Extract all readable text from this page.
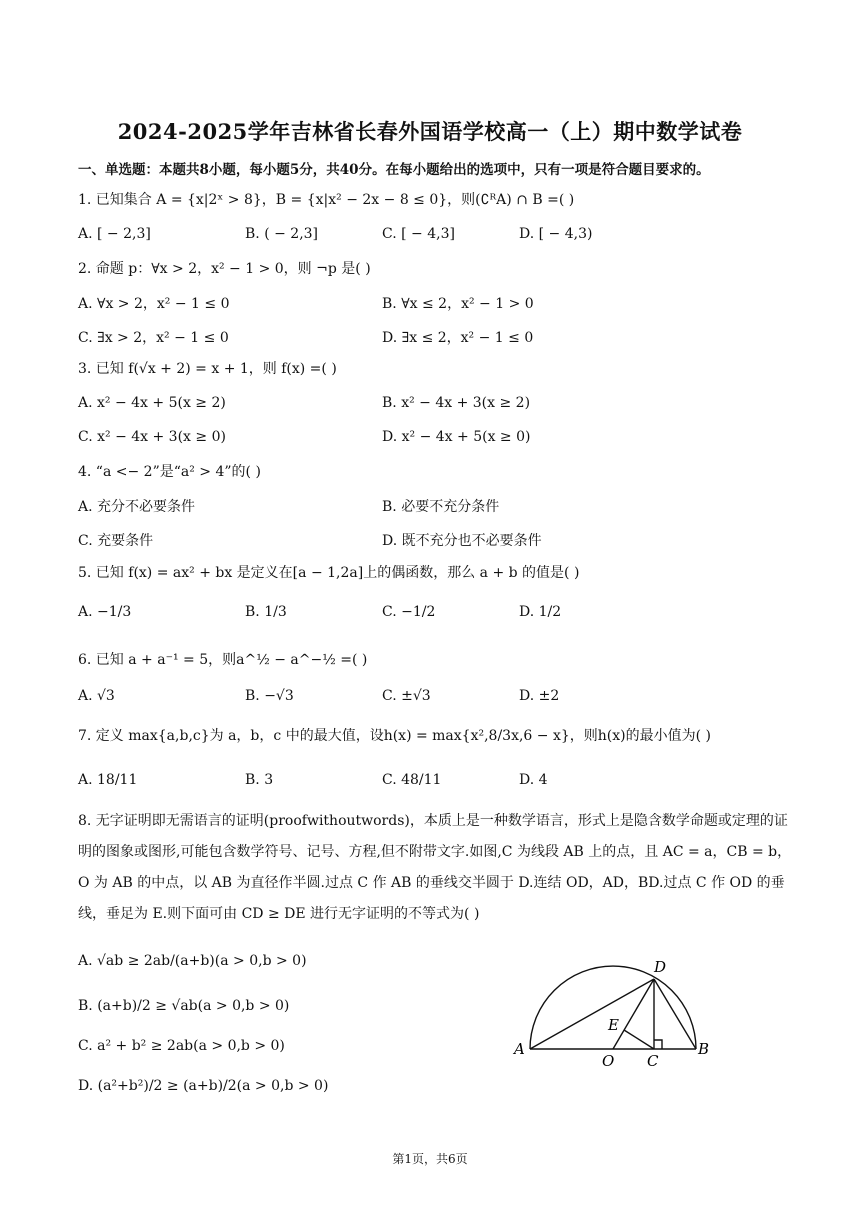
2024-2025学年吉林省长春外国语学校高一（上）期中数学试卷
一、单选题：本题共8小题，每小题5分，共40分。在每小题给出的选项中，只有一项是符合题目要求的。
1. 已知集合 A = {x|2ˣ > 8}，B = {x|x² − 2x − 8 ≤ 0}，则(∁ᴿA) ∩ B =( )
A. [ − 2,3]	B. ( − 2,3]	C. [ − 4,3]	D. [ − 4,3)
2. 命题 p：∀x > 2，x² − 1 > 0，则 ¬p 是( )
A. ∀x > 2，x² − 1 ≤ 0	B. ∀x ≤ 2，x² − 1 > 0
C. ∃x > 2，x² − 1 ≤ 0	D. ∃x ≤ 2，x² − 1 ≤ 0
3. 已知 f(√x + 2) = x + 1，则 f(x) =( )
A. x² − 4x + 5(x ≥ 2)	B. x² − 4x + 3(x ≥ 2)
C. x² − 4x + 3(x ≥ 0)	D. x² − 4x + 5(x ≥ 0)
4. “a <− 2”是“a² > 4”的( )
A. 充分不必要条件	B. 必要不充分条件
C. 充要条件	D. 既不充分也不必要条件
5. 已知 f(x) = ax² + bx 是定义在[a − 1,2a]上的偶函数，那么 a + b 的值是( )
A. −1/3	B. 1/3	C. −1/2	D. 1/2
6. 已知 a + a⁻¹ = 5，则a^½ − a^−½ =( )
A. √3	B. −√3	C. ±√3	D. ±2
7. 定义 max{a,b,c}为 a，b，c 中的最大值，设h(x) = max{x²,8/3x,6 − x}，则h(x)的最小值为( )
A. 18/11	B. 3	C. 48/11	D. 4
8. 无字证明即无需语言的证明(proofwithoutwords)，本质上是一种数学语言，形式上是隐含数学命题或定理的证明的图象或图形,可能包含数学符号、记号、方程,但不附带文字.如图,C 为线段 AB 上的点，且 AC = a，CB = b，O 为 AB 的中点，以 AB 为直径作半圆.过点 C 作 AB 的垂线交半圆于 D.连结 OD，AD，BD.过点 C 作 OD 的垂线，垂足为 E.则下面可由 CD ≥ DE 进行无字证明的不等式为( )
A. √ab ≥ 2ab/(a+b)(a > 0,b > 0)
B. (a+b)/2 ≥ √ab(a > 0,b > 0)
C. a² + b² ≥ 2ab(a > 0,b > 0)
D. (a²+b²)/2 ≥ (a+b)/2(a > 0,b > 0)
A	B
C
D
E
O
第1页，共6页
